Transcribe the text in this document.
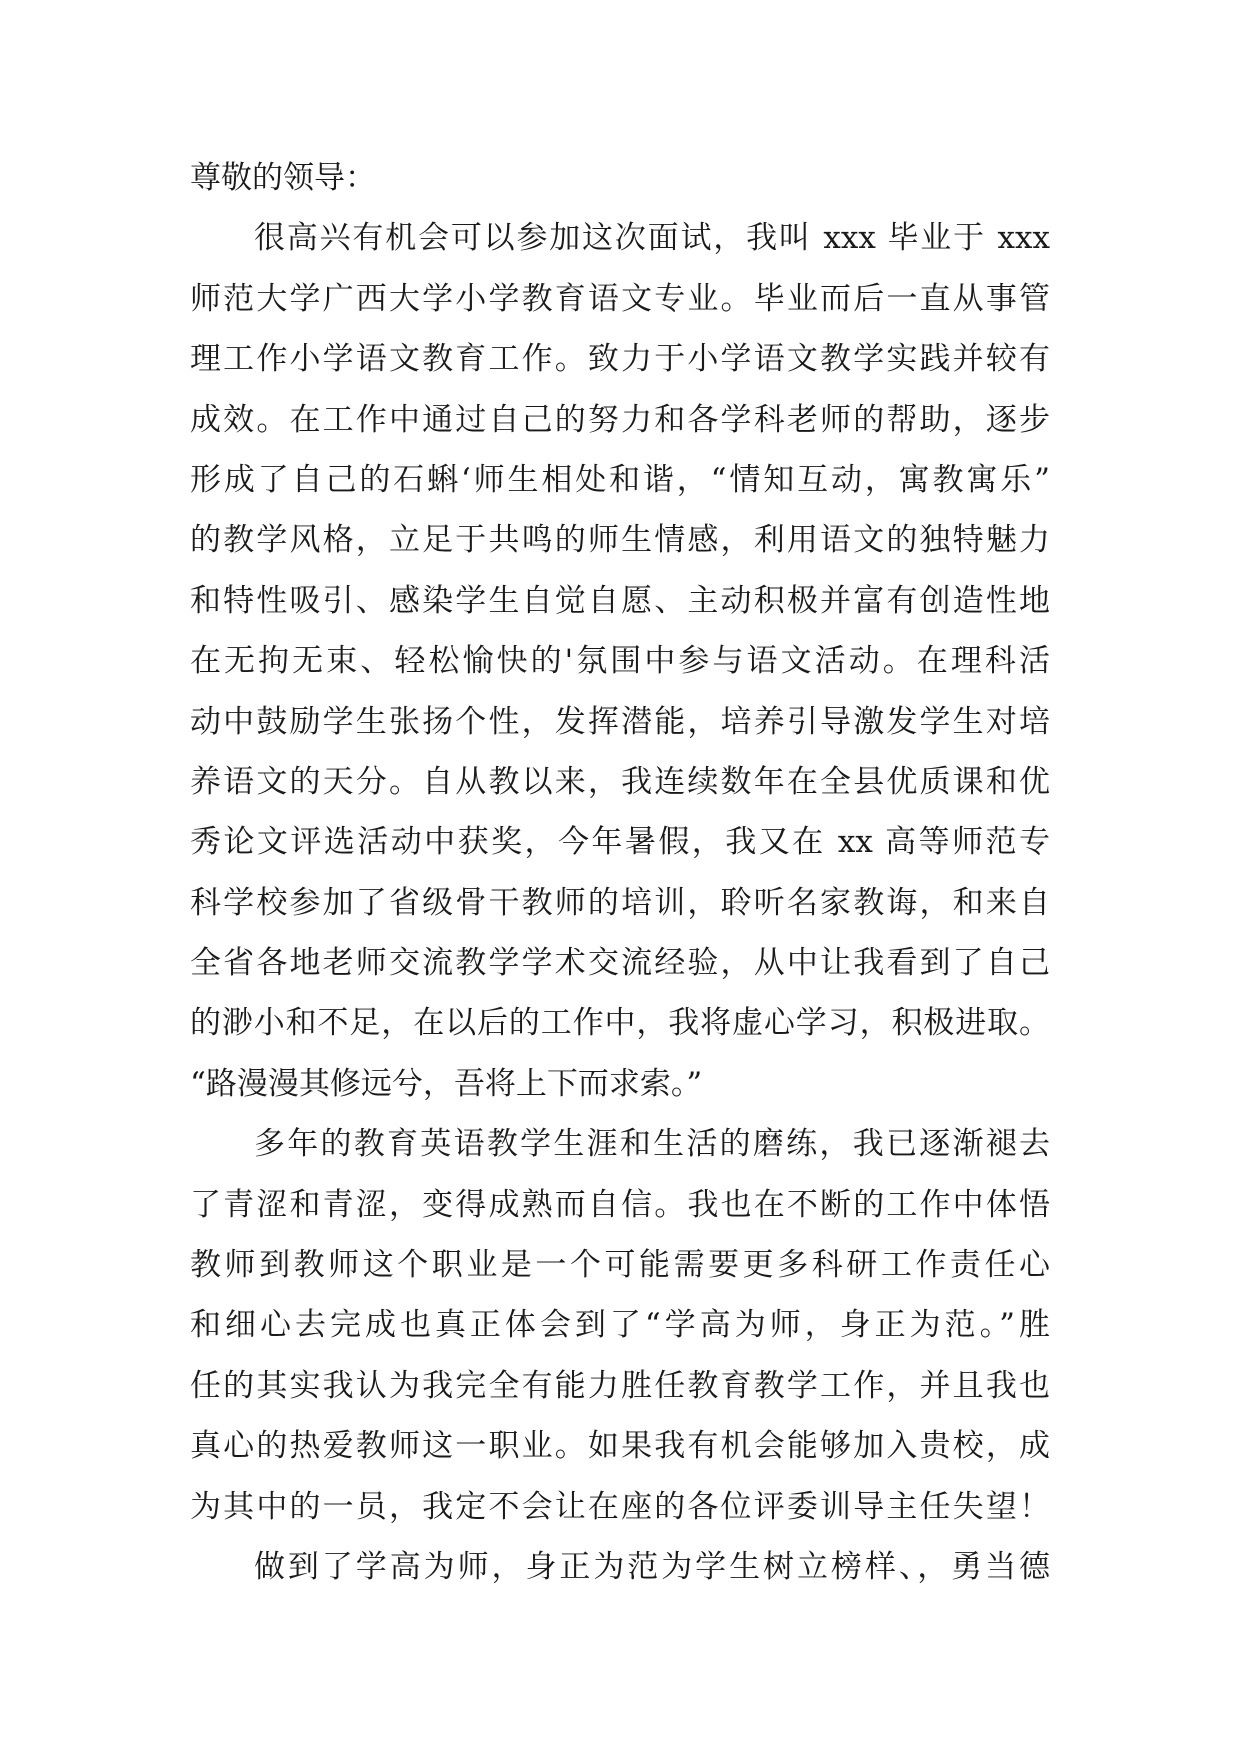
尊敬的领导：
很高兴有机会可以参加这次面试，我叫 xxx 毕业于 xxx
师范大学广西大学小学教育语文专业。毕业而后一直从事管
理工作小学语文教育工作。致力于小学语文教学实践并较有
成效。在工作中通过自己的努力和各学科老师的帮助，逐步
形成了自己的石蝌‘师生相处和谐，“情知互动，寓教寓乐”
的教学风格，立足于共鸣的师生情感，利用语文的独特魅力
和特性吸引、感染学生自觉自愿、主动积极并富有创造性地
在无拘无束、轻松愉快的'氛围中参与语文活动。在理科活
动中鼓励学生张扬个性，发挥潜能，培养引导激发学生对培
养语文的天分。自从教以来，我连续数年在全县优质课和优
秀论文评选活动中获奖，今年暑假，我又在 xx 高等师范专
科学校参加了省级骨干教师的培训，聆听名家教诲，和来自
全省各地老师交流教学学术交流经验，从中让我看到了自己
的渺小和不足，在以后的工作中，我将虚心学习，积极进取。
“路漫漫其修远兮，吾将上下而求索。”
多年的教育英语教学生涯和生活的磨练，我已逐渐褪去
了青涩和青涩，变得成熟而自信。我也在不断的工作中体悟
教师到教师这个职业是一个可能需要更多科研工作责任心
和细心去完成也真正体会到了“学高为师，身正为范。”胜
任的其实我认为我完全有能力胜任教育教学工作，并且我也
真心的热爱教师这一职业。如果我有机会能够加入贵校，成
为其中的一员，我定不会让在座的各位评委训导主任失望！
做到了学高为师，身正为范为学生树立榜样、，勇当德
